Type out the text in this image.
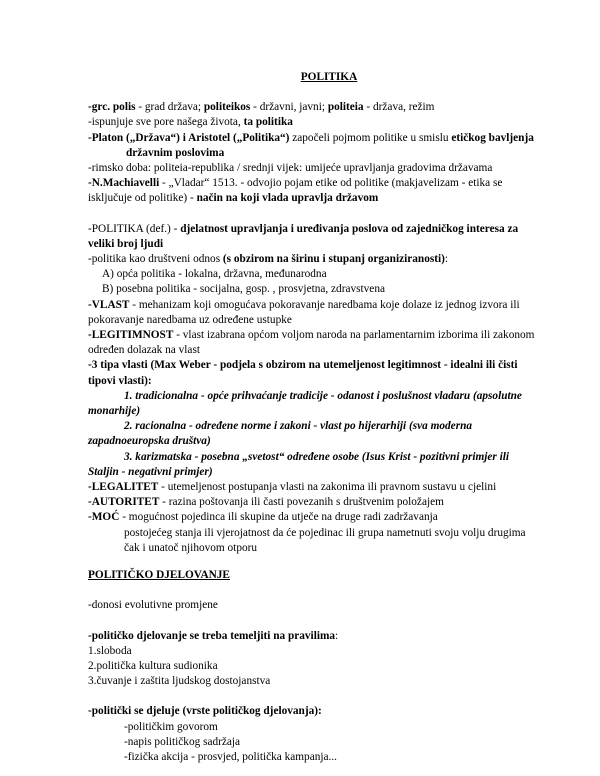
POLITIKA

-grc. polis - grad država; politeikos - državni, javni; politeia - država, režim

-ispunjuje sve pore našega života, ta politika

-Platon („Država“) i Aristotel („Politika“) započeli pojmom politike u smislu etičkog bavljenja državnim poslovima

-rimsko doba: politeia-republika / srednji vijek: umijeće upravljanja gradovima državama

-N.Machiavelli - „Vladar“ 1513. - odvojio pojam etike od politike (makjavelizam - etika se isključuje od politike) - način na koji vlada upravlja državom

-POLITIKA (def.) - djelatnost upravljanja i uređivanja poslova od zajedničkog interesa za veliki broj ljudi

-politika kao društveni odnos (s obzirom na širinu i stupanj organiziranosti):

A) opća politika - lokalna, državna, međunarodna

B) posebna politika - socijalna, gosp. , prosvjetna, zdravstvena

-VLAST - mehanizam koji omogućava pokoravanje naredbama koje dolaze iz jednog izvora ili pokoravanje naredbama uz određene ustupke

-LEGITIMNOST - vlast izabrana općom voljom naroda na parlamentarnim izborima ili zakonom određen dolazak na vlast

-3 tipa vlasti (Max Weber - podjela s obzirom na utemeljenost legitimnost - idealni ili čisti tipovi vlasti):

1. tradicionalna - opće prihvaćanje tradicije - odanost i poslušnost vladaru (apsolutne monarhije)

2. racionalna - određene norme i zakoni - vlast po hijerarhiji (sva moderna zapadnoeuropska društva)

3. karizmatska - posebna „svetost“ određene osobe (Isus Krist - pozitivni primjer ili Staljin - negativni primjer)

-LEGALITET - utemeljenost postupanja vlasti na zakonima ili pravnom sustavu u cjelini

-AUTORITET - razina poštovanja ili časti povezanih s društvenim položajem

-MOĆ - mogućnost pojedinca ili skupine da utječe na druge radi zadržavanja

postojećeg stanja ili vjerojatnost da će pojedinac ili grupa nametnuti svoju volju drugima čak i unatoč njihovom otporu

POLITIČKO DJELOVANJE

-donosi evolutivne promjene

-političko djelovanje se treba temeljiti na pravilima:

1.sloboda

2.politička kultura sudionika

3.čuvanje i zaštita ljudskog dostojanstva

-politički se djeluje (vrste političkog djelovanja):

-političkim govorom

-napis političkog sadržaja

-fizička akcija - prosvjed, politička kampanja...
